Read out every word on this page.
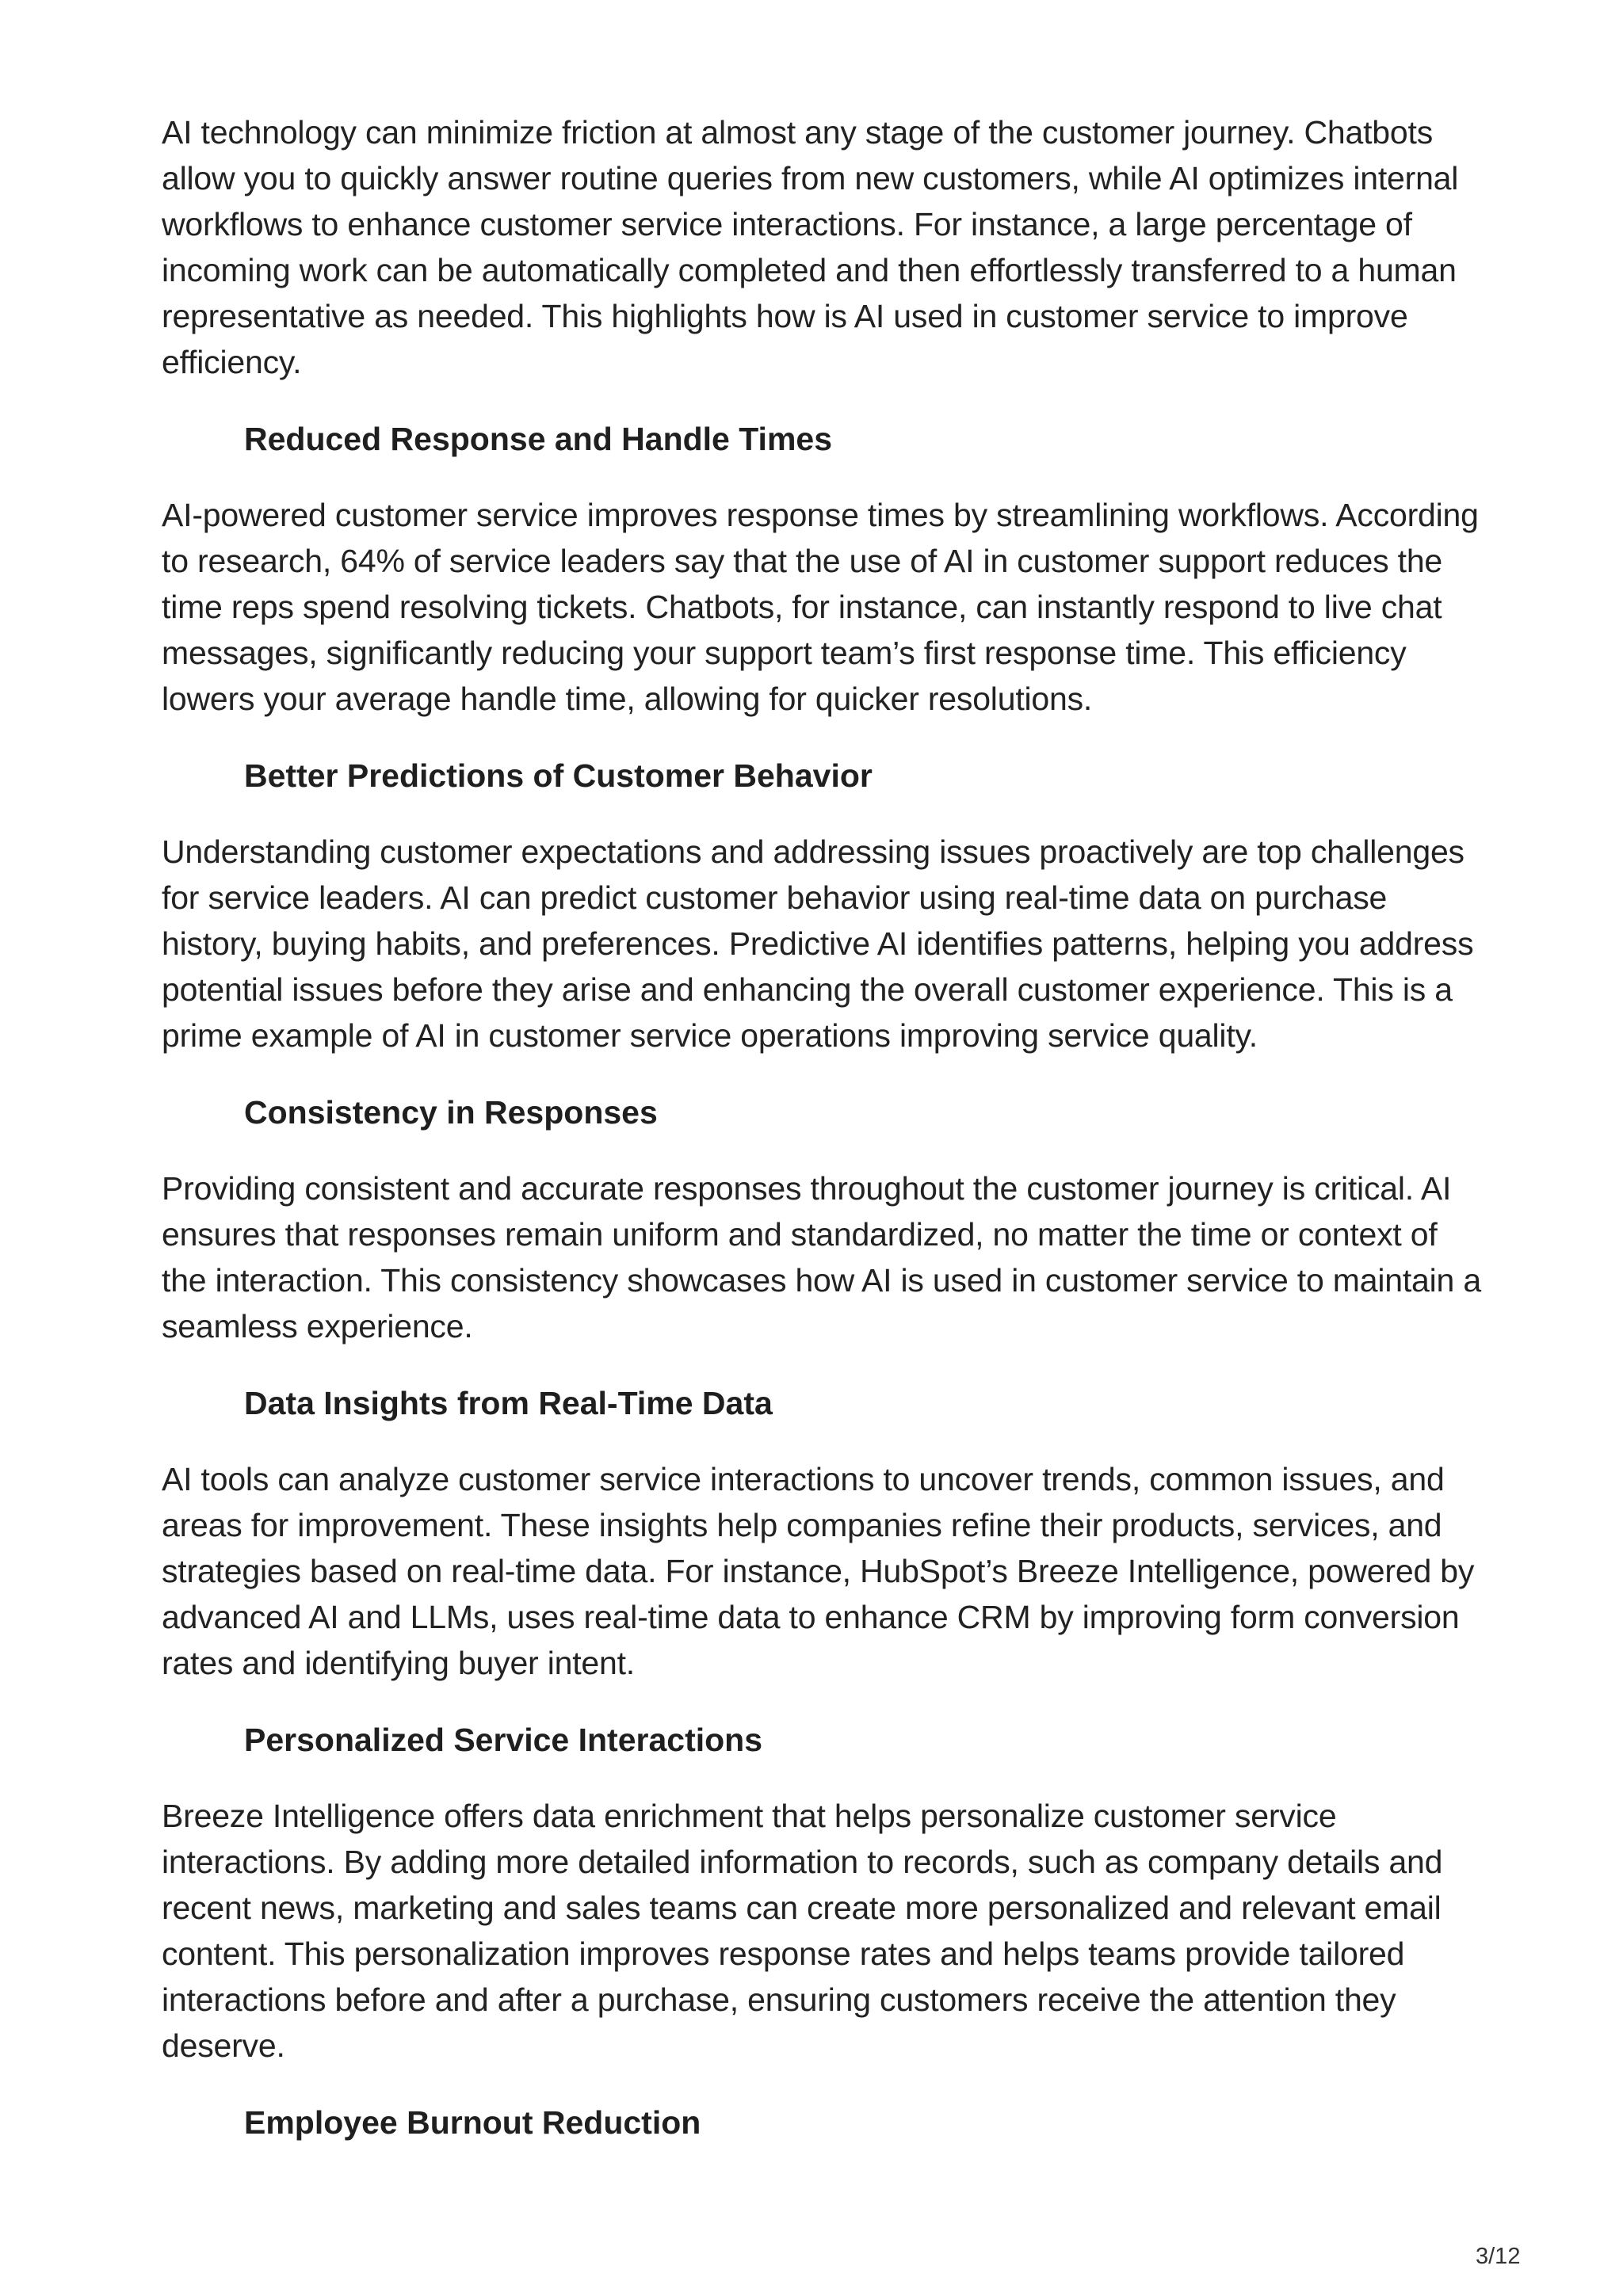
AI technology can minimize friction at almost any stage of the customer journey. Chatbots allow you to quickly answer routine queries from new customers, while AI optimizes internal workflows to enhance customer service interactions. For instance, a large percentage of incoming work can be automatically completed and then effortlessly transferred to a human representative as needed. This highlights how is AI used in customer service to improve efficiency.

Reduced Response and Handle Times

AI-powered customer service improves response times by streamlining workflows. According to research, 64% of service leaders say that the use of AI in customer support reduces the time reps spend resolving tickets. Chatbots, for instance, can instantly respond to live chat messages, significantly reducing your support team’s first response time. This efficiency lowers your average handle time, allowing for quicker resolutions.

Better Predictions of Customer Behavior

Understanding customer expectations and addressing issues proactively are top challenges for service leaders. AI can predict customer behavior using real-time data on purchase history, buying habits, and preferences. Predictive AI identifies patterns, helping you address potential issues before they arise and enhancing the overall customer experience. This is a prime example of AI in customer service operations improving service quality.

Consistency in Responses

Providing consistent and accurate responses throughout the customer journey is critical. AI ensures that responses remain uniform and standardized, no matter the time or context of the interaction. This consistency showcases how AI is used in customer service to maintain a seamless experience.

Data Insights from Real-Time Data

AI tools can analyze customer service interactions to uncover trends, common issues, and areas for improvement. These insights help companies refine their products, services, and strategies based on real-time data. For instance, HubSpot’s Breeze Intelligence, powered by advanced AI and LLMs, uses real-time data to enhance CRM by improving form conversion rates and identifying buyer intent.

Personalized Service Interactions

Breeze Intelligence offers data enrichment that helps personalize customer service interactions. By adding more detailed information to records, such as company details and recent news, marketing and sales teams can create more personalized and relevant email content. This personalization improves response rates and helps teams provide tailored interactions before and after a purchase, ensuring customers receive the attention they deserve.

Employee Burnout Reduction
3/12
